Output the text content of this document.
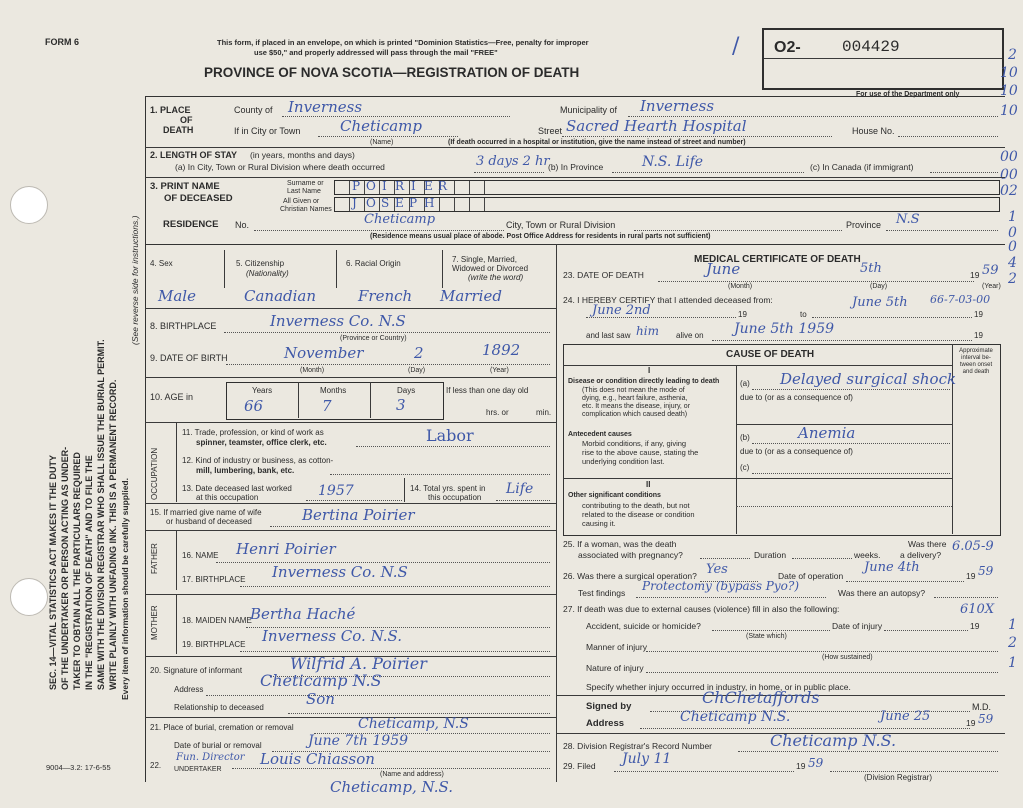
SEC. 14—VITAL STATISTICS ACT MAKES IT THE DUTY OF THE UNDERTAKER OR PERSON ACTING AS UNDER- TAKER TO OBTAIN ALL THE PARTICULARS REQUIRED IN THE "REGISTRATION OF DEATH" AND TO FILE THE SAME WITH THE DIVISION REGISTRAR WHO SHALL ISSUE THE BURIAL PERMIT. WRITE PLAINLY WITH UNFADING INK. THIS IS A PERMANENT RECORD. Every item of information should be carefully supplied.
(See reverse side for instructions.)
FORM 6	This form, if placed in an envelope, on which is printed "Dominion Statistics—Free, penalty for improper
use $50," and properly addressed will pass through the mail "FREE"
PROVINCE OF NOVA SCOTIA—REGISTRATION OF DEATH
/ O2-	004429
For use of the Department only
2
10
10
10
00
00
02
1
0
0
4
2
1
2
1
1. PLACE
OF
DEATH
County of Inverness	Municipality of Inverness
If in City or Town	Cheticamp
(Name)
Street Sacred Hearth Hospital	House No.
(If death occurred in a hospital or institution, give the name instead of street and number)
2. LENGTH OF STAY (in years, months and days)
(a) In City, Town or Rural Division where death occurred	3 days 2 hr
(b) In Province	N.S. Life	(c) In Canada (if immigrant)
3. PRINT NAME
OF DECEASED
Surname or
Last Name
All Given or
Christian Names
P O I R I E R
J O S E P H
RESIDENCE No.	Cheticamp	City, Town or Rural Division	Province N.S
(Residence means usual place of abode. Post Office Address for residents in rural parts not sufficient)
4. Sex	5. Citizenship
(Nationality)
6. Racial Origin	7. Single, Married,
Widowed or Divorced
(write the word)
Male	Canadian	French Married
8. BIRTHPLACE	Inverness Co. N.S
(Province or Country)
9. DATE OF BIRTH	November	2	1892
(Month)	(Day)	(Year)
10. AGE in
Years	Months	Days
66	7	3
If less than one day old
hrs. or	min.
OCCUPATION
11. Trade, profession, or kind of work as
spinner, teamster, office clerk, etc.	Labor
12. Kind of industry or business, as cotton-
mill, lumbering, bank, etc.
13. Date deceased last worked
at this occupation	1957	14. Total yrs. spent in
this occupation
Life
15. If married give name of wife
or husband of deceased	Bertina Poirier
FATHER	16. NAME Henri Poirier
17. BIRTHPLACE Inverness Co. N.S
MOTHER	18. MAIDEN NAME
Bertha Haché
19. BIRTHPLACE Inverness Co. N.S.
20. Signature of informant	Wilfrid A. Poirier
Address	Cheticamp N.S
Relationship to deceased	Son
21. Place of burial, cremation or removal	Cheticamp, N.S
Date of burial or removal	June 7th 1959
22. UNDERTAKER
Fun. Director Louis Chiasson
(Name and address)
Cheticamp, N.S.
9004—3.2: 17-6-55
MEDICAL CERTIFICATE OF DEATH
23. DATE OF DEATH	June	5th	19 59
(Month)	(Day)	(Year)
24. I HEREBY CERTIFY that I attended deceased from:
June 2nd	19	to
June 5th 66-7-03-00
19
and last saw him alive on June 5th 1959	19
CAUSE OF DEATH	Approximate interval be- tween onset and death
I
Disease or condition directly leading to death
(This does not mean the mode of
dying, e.g., heart failure, asthenia,
etc. It means the disease, injury, or
complication which caused death)
(a) Delayed surgical shock
due to (or as a consequence of)
Antecedent causes
Morbid conditions, if any, giving
rise to the above cause, stating the
underlying condition last.
(b)	Anemia
due to (or as a consequence of)
(c)
II
Other significant conditions
contributing to the death, but not
related to the disease or condition
causing it.
25. If a woman, was the death
associated with pregnancy?	Duration	weeks.
Was there
a delivery?
6.05-9
26. Was there a surgical operation? Yes	Date of operation
June 4th
19 59
Test findings Protectomy (bypass Pyo?)	Was there an autopsy?
27. If death was due to external causes (violence) fill in also the following:	610X
Accident, suicide or homicide?	Date of injury	19
(State which)
Manner of injury
(How sustained)
Nature of injury
Specify whether injury occurred in industry, in home, or in public place.
Signed by	ChChetaffords	M.D.
Address	Cheticamp N.S.	June 25	19 59
28. Division Registrar's Record Number	Cheticamp N.S.
29. Filed July 11	19 59
(Division Registrar)
